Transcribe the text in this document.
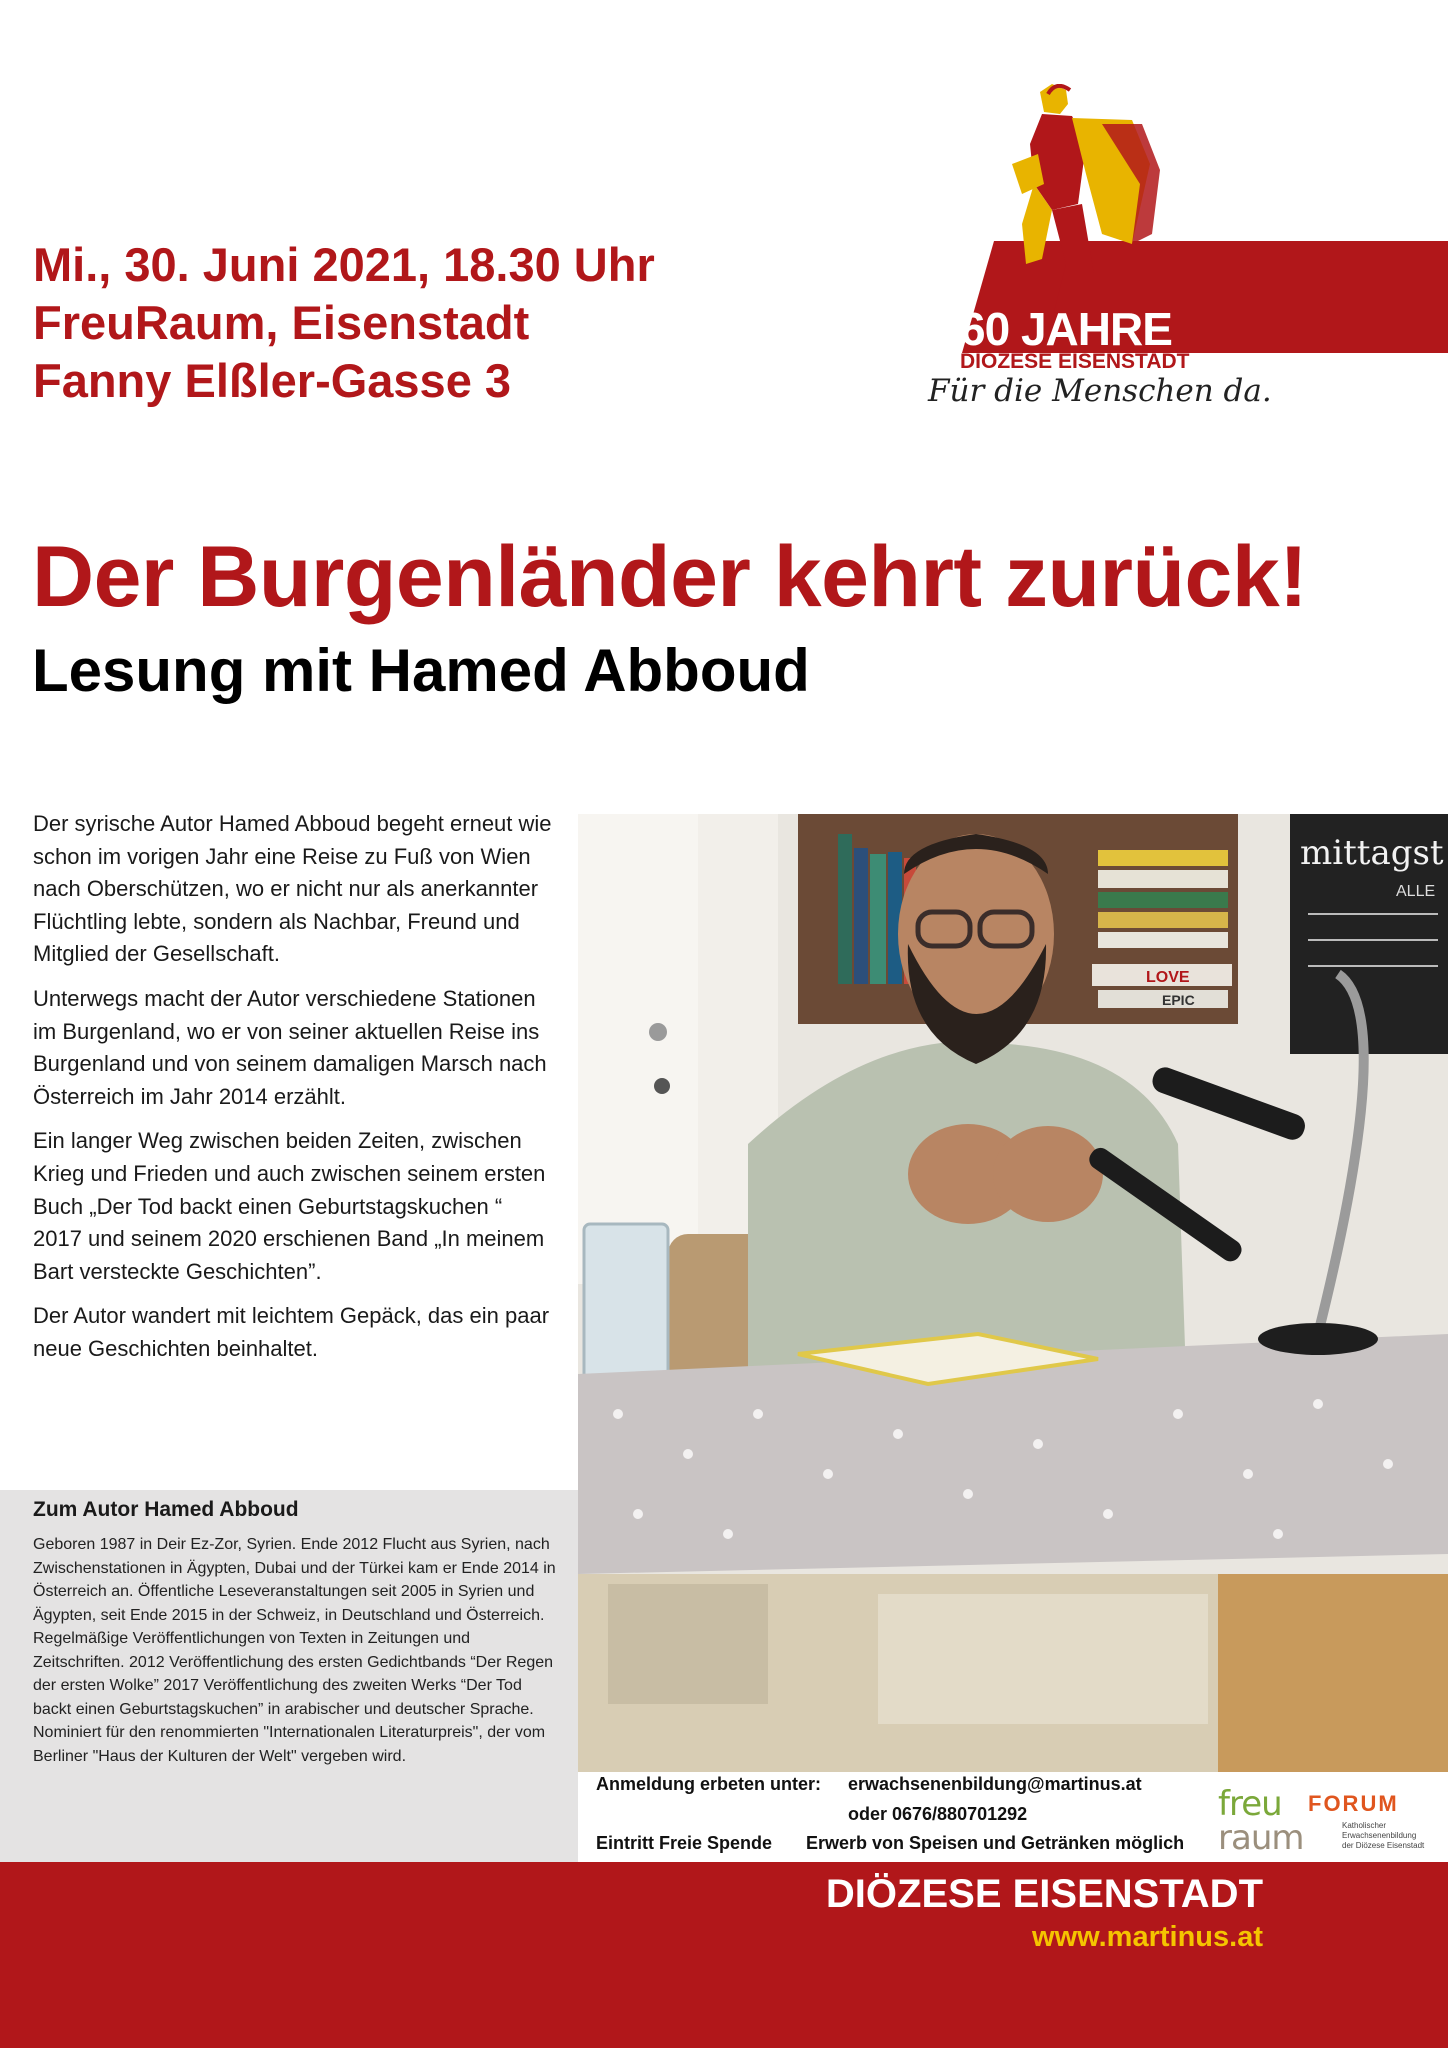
Mi., 30. Juni 2021, 18.30 Uhr
FreuRaum, Eisenstadt
Fanny Elßler-Gasse 3
60 JAHRE
DIÖZESE EISENSTADT
Für die Menschen da.
Der Burgenländer kehrt zurück!
Lesung mit Hamed Abboud

Der syrische Autor Hamed Abboud begeht erneut wie schon im vorigen Jahr eine Reise zu Fuß von Wien nach Oberschützen, wo er nicht nur als anerkannter Flüchtling lebte, sondern als Nachbar, Freund und Mitglied der Gesellschaft.

Unterwegs macht der Autor verschiedene Stationen im Burgenland, wo er von seiner aktuellen Reise ins Burgenland und von seinem damaligen Marsch nach Österreich im Jahr 2014 erzählt.

Ein langer Weg zwischen beiden Zeiten, zwischen Krieg und Frieden und auch zwischen seinem ersten Buch „Der Tod backt einen Geburtstagskuchen “ 2017 und seinem 2020 erschienen Band „In meinem Bart versteckte Geschichten”.

Der Autor wandert mit leichtem Gepäck, das ein paar neue Geschichten beinhaltet.

Zum Autor Hamed Abboud
Geboren 1987 in Deir Ez-Zor, Syrien. Ende 2012 Flucht aus Syrien, nach Zwischenstationen in Ägypten, Dubai und der Türkei kam er Ende 2014 in Österreich an. Öffentliche Leseveranstaltungen seit 2005 in Syrien und Ägypten, seit Ende 2015 in der Schweiz, in Deutschland und Österreich. Regelmäßige Veröffentlichungen von Texten in Zeitungen und Zeitschriften. 2012 Veröffentlichung des ersten Gedichtbands “Der Regen der ersten Wolke” 2017 Veröffentlichung des zweiten Werks “Der Tod backt einen Geburtstagskuchen” in arabischer und deutscher Sprache. Nominiert für den renommierten "Internationalen Literaturpreis", der vom Berliner "Haus der Kulturen der Welt" vergeben wird.
LOVE
EPIC
mittagst
ALLE
Anmeldung erbeten unter: erwachsenenbildung@martinus.at
oder 0676/880701292
Eintritt Freie Spende Erwerb von Speisen und Getränken möglich
freu
raum
FORUM
Katholischer
Erwachsenenbildung
der Diözese Eisenstadt
DIÖZESE EISENSTADT
www.martinus.at
